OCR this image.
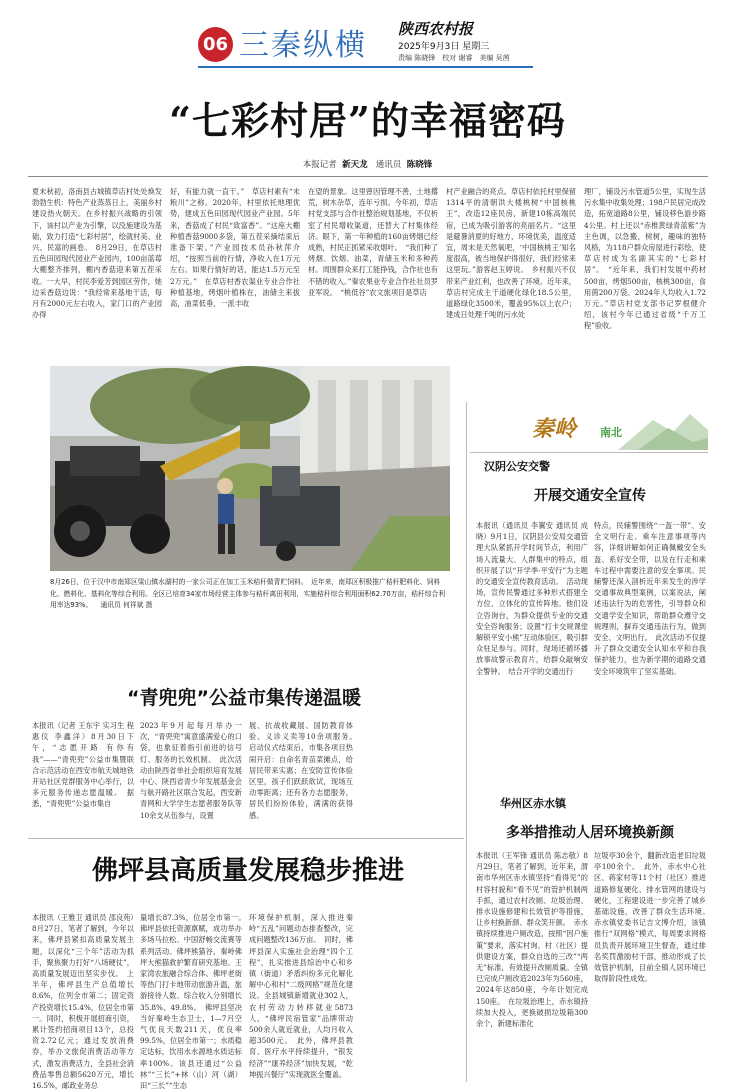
06 三秦纵横 陕西农村报
2025年9月3日 星期三
责编 陈晓锋　校对 谢睿　美编 吴茜
“七彩村居”的幸福密码
本报记者 新天龙 通讯员 陈晓锋
夏末秋初，洛南县古城镇草店村处处焕发勃勃生机：特色产业蒸蒸日上，美丽乡村建设热火朝天。在乡村振兴战略的引领下，该村以产业为引擎，以没施建设为基础，致力打造“七彩村居”，绘就村美、业兴、民富的画卷。　8月29日，在草店村五色田园现代园业产业园内，100亩蓝莓大棚整齐排列，棚内香菇迎来第五茬采收。一大早，村民李爱芳到园区劳作，她边采香菇边说：“我经常来基地干活，每月有2000元左右收入，家门口的产业园办得
好，有能力就一直干。”　草店村素有“末粮川”之称。2020年，村里依托地理优势，建成五色田园现代园业产业园。5年来，香菇成了村民“致富香”。“这座大棚种植香菇9000多袋，第五茬采摘结束后准备下架。”产业园技术员孙秋萍介绍，“按照当前的行情，净收入在1万元左右。如果行情好的话，能达1.5万元至2万元。”　在草店村香农渠业专业合作社种植基地，烤烟叶植株在，油储主来拔高，油菜低垂，一派丰收
在望的景象。这里曾因管理不善，土地撂荒，树木杂草，连年亏损。今年初，草店村党支部与合作社整治规划基地，不仅析室了村民增收渠道，还替大了村集体经济。眼下，第一年种植的160亩烤烟已经成熟，村民正抓紧采收烟叶。　“我们种了烤烟、饮烟、油菜，青储玉米和多种药材。周围群众来打工能挣钱，合作社也有不错的收入。”秦农果业专业合作社社员罗亚军说。　“桃低谷”农文旅项目是草店
村产业融合的亮点。草店村依托村里保留1314平的清朝洪大楼桃树“中国核桃王”，改造12座民房，新建10栋高端民宿，已成为吸引游客的亮丽名片。“这里是避暑消夏的好地方，环境优美，温度适宜，周末是天然氧吧，‘中国核桃王’知名度很高，被当地保护得很好，我们经常来这里玩。”游客赵玉婷说。　乡村振兴不仅带来产业红利，也改善了环境。近年来，草店村完成主干道硬化绿化18.5公里，道路绿化3500米，覆盖95%以上农户；建成日处理千吨的污水处
理厂，铺设污水管道5公里，实现生活污水集中收集处理；198户民居完成改造，拓宽道路8公里，铺设移色游步路4公里。村上还以“赤椎黄绿青蓝紫”为主色调，以急搬，树树，趣味的独特风格，为118户群众房屋进行彩绘，使草店村成为名副其实的“七彩村居”。　“近年来，我们村发展中药材500亩，烤烟500亩，核桃300亩，食用菌200万袋。2024年人均收入1.72万元。”草店村党支部书记罗根健介绍，该村今年已通过省级“千万工程”验收。
8月26日，位于汉中市南郑区梁山镇水湖村的一家公司正在加工玉米秸秆做青贮饲料。　近年来，南郑区积极推广秸秆肥料化、饲料化、燃料化、基料化等综合利用。全区已培育34家市场经营主体参与秸秆离田利用，实施秸秆综合利用面积62.70万亩，秸秆综合利用率达93%。 通讯员 何祥斌 摄
秦岭 南北
汉阴公安交警
开展交通安全宣传
本报讯（通讯员 李翼安 通讯员 成晓）9月1日，汉阴县公安局交通管理大队紧抓开学时间节点，利用广场人流量大、人群集中的特点，组织开展了以“开学季·平安行”为主题的交通安全宣传教育活动。　活动现场，宣传民警通过多种形式搭建全方位、立体化的宣传阵地。他们设立咨询台，为群众提供专业的交通安全咨询服务；设置“打卡交规课堂 解锁平安小熊”互动体验区，吸引群众驻足参与。同时，现场还循环播放事故警示教育片，给群众敲响安全警钟。　结合开学的交通出行
特点，民辅警围绕“一盔一带”、安全文明行走、乘车注意事项等内容，详细讲解如何正确佩戴安全头盔、系好安全带，以及在行走和乘车过程中需要注意的安全事项。民辅警还深入剖析近年来发生的涉学交通事故典型案例，以案说法，阐述违法行为的危害性，引导群众和交通学安全知识，帮助群众遵守交规理则，摒弃交通违法行为，做到安全、文明出行。　此次活动不仅提升了群众交通安全认知水平和自我保护能力，也为新学期的道路交通安全环境筑牢了坚实基础。
华州区赤水镇
多举措推动人居环境换新颜
本报讯（王军锋 通讯员 陈志敬）8月29日，笔者了解到，近年来，渭南市华州区赤水镇坚持“看得见”的村容村貌和“看不见”的管护机制两手抓，通过农村改厕、垃圾治理、排水设施修建和长效管护等措施，让乡村换新颜、群众笑开颜。　赤水镇持续推进户厕改造，按照“因户施策”要求，落实村询、村（社区）提供建设方案，群众自选的三改”“两无”标准，有效提升改厕质量。全镇已完成户厕改造2023年为560座，2024年达850座，今年计划完成150座。　在垃圾治理上，赤水镇持续加大投入，更换破损垃圾箱300余个，新建标准化
垃圾亭30余个，翻新改造老旧垃圾亭100余个。　此外，赤水中心社区、蒋家村等11个村（社区）推进道路修复硬化、排水管网的建设与硬化，工程建设进一步完善了城乡基础设施，改善了群众生活环境。　赤水镇党委书记吉文博介绍，该镇推行“双网格”模式，每周要求网格员负责开展环境卫生督查，通过排名奖罚激励村干部，推动形成了长效管护机制，目前全镇人居环境已取得阶段性成效。
“青兜兜”公益市集传递温暖
本报讯（记者 王东宇 实习生 程惠仪 李鑫洋）8月30日下午，“志愿开路 有你有我”——“青兜兜”公益市集暨联合示范活动在西安市航天城地铁开站社区党群服务中心举行，以多元服务传递志愿温暖。　据悉，“青兜兜”公益市集自
2023年9月起每月举办一次，“青兜兜”寓意盛满爱心的口袋，也象征着指引前进的信号灯、服务的长效机制。　此次活动由陕西省单社会组织培育发展中心、陕西省青少年发展基金会与航开路社区联合发起，西安新青网和大学学生志愿者服务队等10余支从伍参与，设置
展、抗战收藏展、国防教育体验、义诊义卖等10余项服务。　启动仪式结束后，市集各项目热闹开启：自命名青苗菜摊点，给居民带来实惠；在安防宣传体验区里，孩子们跃跃欲试，现场互动零距离；还有各方志愿服务，居民们纷纷体验，满满的获得感。
佛坪县高质量发展稳步推进
本报讯（王雅卫 通讯员 邵良苑）8月27日，笔者了解到，今年以来，佛坪县紧扣高质量发展主题，以深化“三个年”活动为抓手，聚焦聚力打好“八场硬仗”，高质量发展迈出坚实步伐。　上半年，佛坪县生产总值增长8.6%，位列全市第二；固定资产投资增长15.4%，位居全市第一。同时，积极开展招商引资，累计签约招商项目13个，总投资2.72亿元；通过发放消费券，举办文旅促消费活动等方式，激发消费活力，全县社会消费品零售总额5620万元，增长16.5%，邮政业务总
量增长87.3%，位居全市第一。　佛坪县依托资源禀赋，成功举办多场马拉松、中国舒畅交流赛等系列活动。佛坪熊猫谷、秦岭佛坪大熊猫救护繁育研究基地、王家湾农旅融合综合体、佛坪老街等热门打卡地带动旅游升温，旅游接待人数、综合收入分别增长35.8%、49.8%。　佛坪县坚决当好秦岭生态卫士，1—7月空气优良天数211天，优良率99.5%，位居全市第一；水质稳定达标，饮用水水源地水质达标率100%。该县还通过“公益林”“三长”+林（山）河（湖）田“三长”“生态
环境保护机制，深入推进秦岭“五乱”问题动态排查整改，完成问题整改136万亩。　同时，佛坪县深入实施社会治理“四个工程”，扎实推进县综治中心和乡镇（街道）矛盾纠纷多元化解化解中心和村“二级网格”规范化建设。全县城镇新增就业302人，农村劳动力转移就业5873人，“佛坪民宿管家”品牌带动500余人就近就业，人均月收入超3500元。　此外，佛坪县教育、医疗水平持续提升，“银发经济”“康养经济”加快发展，“乾坤振兴餐厅”实现就医全覆盖。
